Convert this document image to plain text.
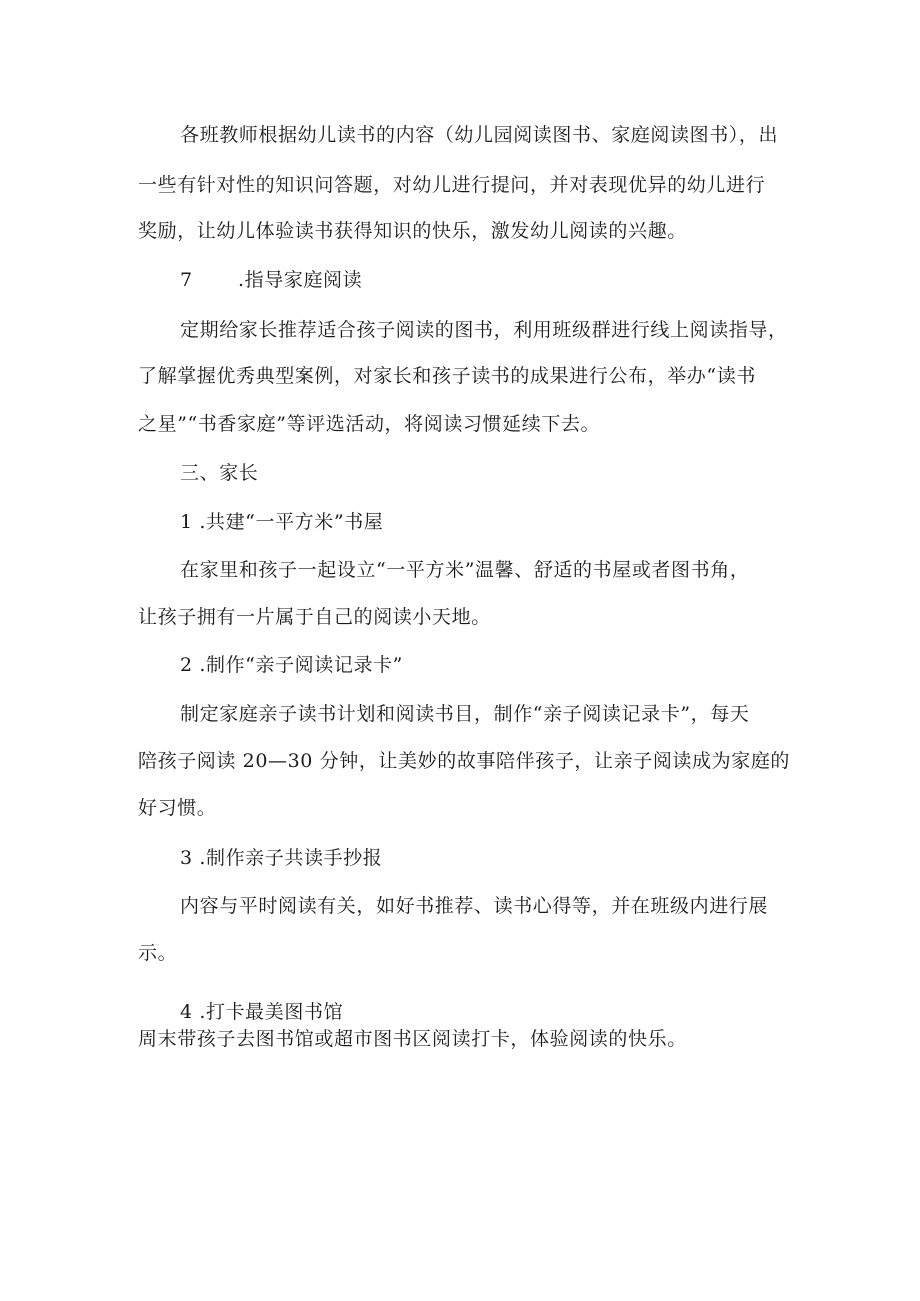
各班教师根据幼儿读书的内容（幼儿园阅读图书、家庭阅读图书），出
一些有针对性的知识问答题，对幼儿进行提问，并对表现优异的幼儿进行
奖励，让幼儿体验读书获得知识的快乐，激发幼儿阅读的兴趣。
7 .指导家庭阅读
定期给家长推荐适合孩子阅读的图书，利用班级群进行线上阅读指导，
了解掌握优秀典型案例，对家长和孩子读书的成果进行公布，举办“读书
之星”“书香家庭”等评选活动，将阅读习惯延续下去。
三、家长
1 .共建“一平方米”书屋
在家里和孩子一起设立“一平方米”温馨、舒适的书屋或者图书角，
让孩子拥有一片属于自己的阅读小天地。
2 .制作“亲子阅读记录卡”
制定家庭亲子读书计划和阅读书目，制作“亲子阅读记录卡”，每天
陪孩子阅读 20—30 分钟，让美妙的故事陪伴孩子，让亲子阅读成为家庭的
好习惯。
3 .制作亲子共读手抄报
内容与平时阅读有关，如好书推荐、读书心得等，并在班级内进行展
示。
4 .打卡最美图书馆
周末带孩子去图书馆或超市图书区阅读打卡，体验阅读的快乐。
